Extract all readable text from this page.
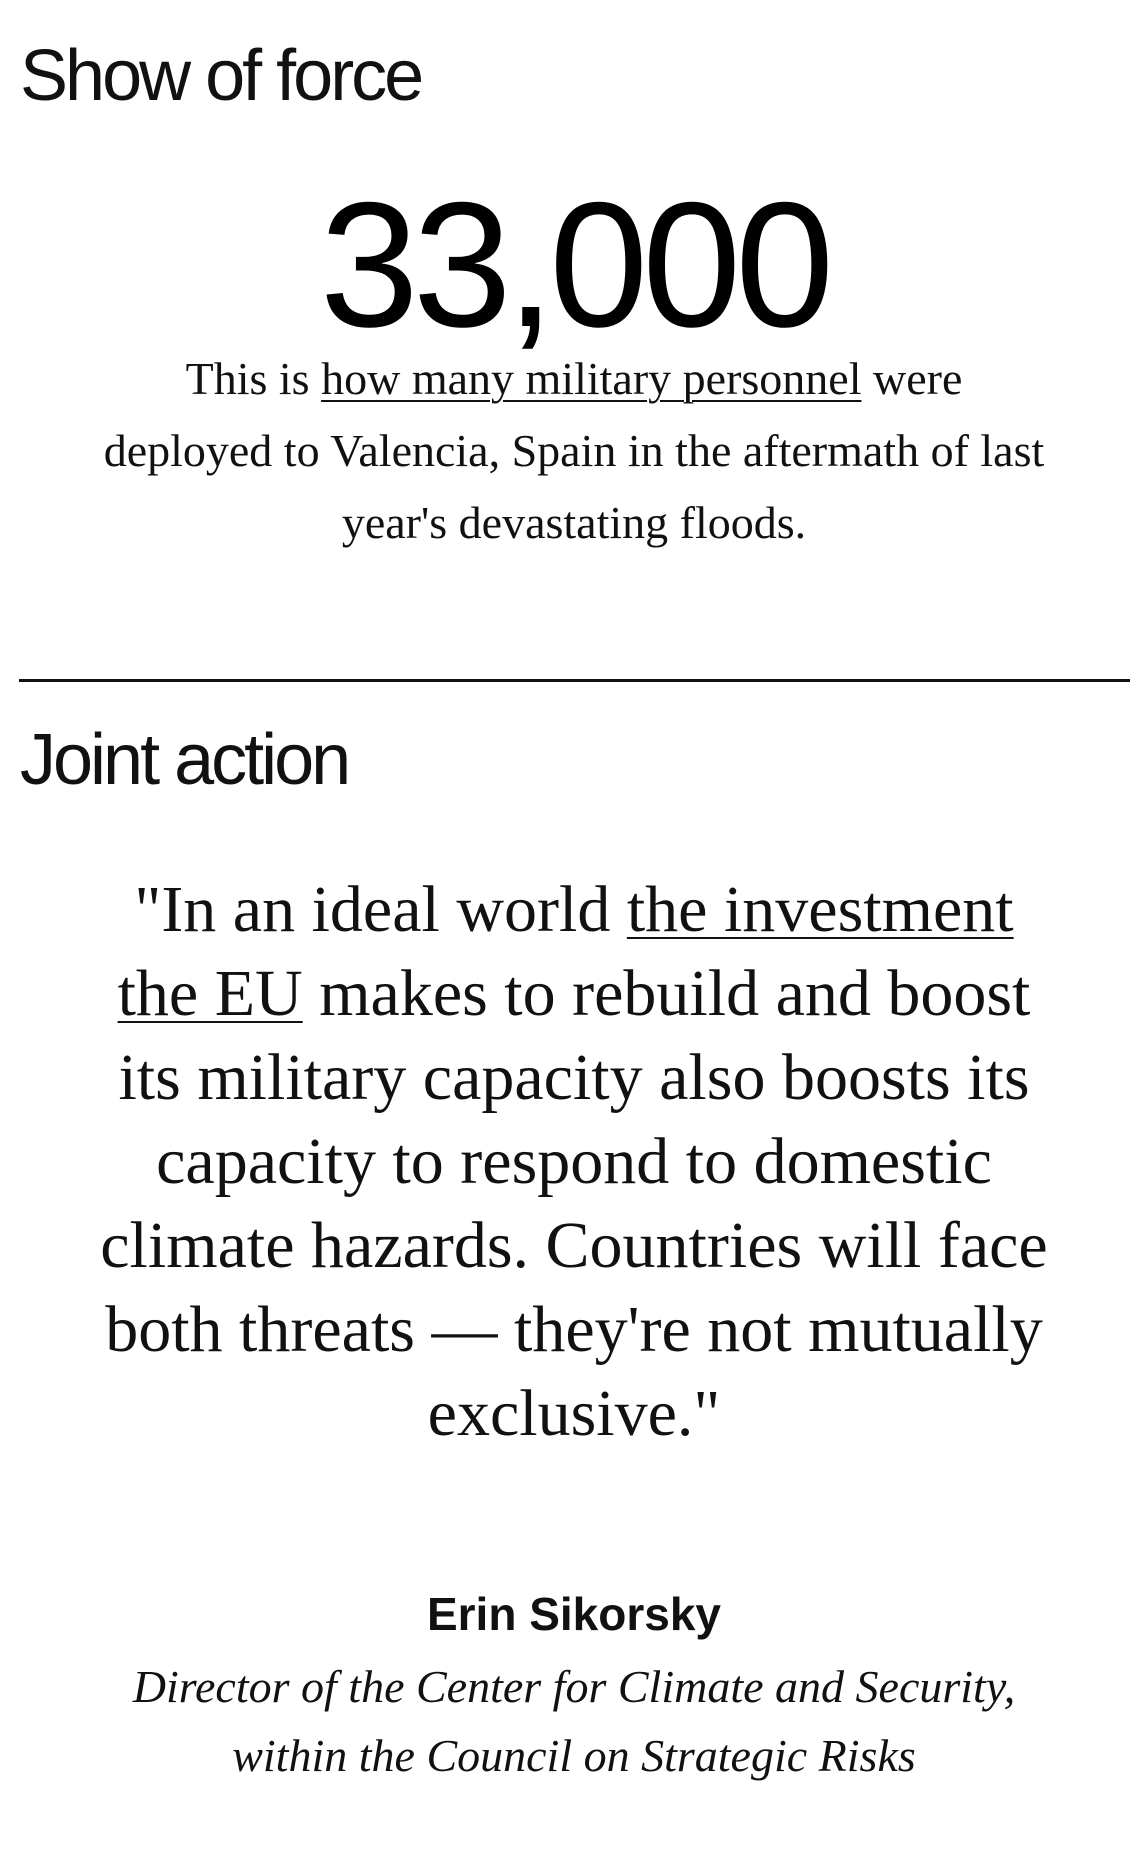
Show of force
33,000

This is how many military personnel were deployed to Valencia, Spain in the aftermath of last year's devastating floods.

Joint action

"In an ideal world the investment the EU makes to rebuild and boost its military capacity also boosts its capacity to respond to domestic climate hazards. Countries will face both threats — they're not mutually exclusive."

Erin Sikorsky

Director of the Center for Climate and Security, within the Council on Strategic Risks
